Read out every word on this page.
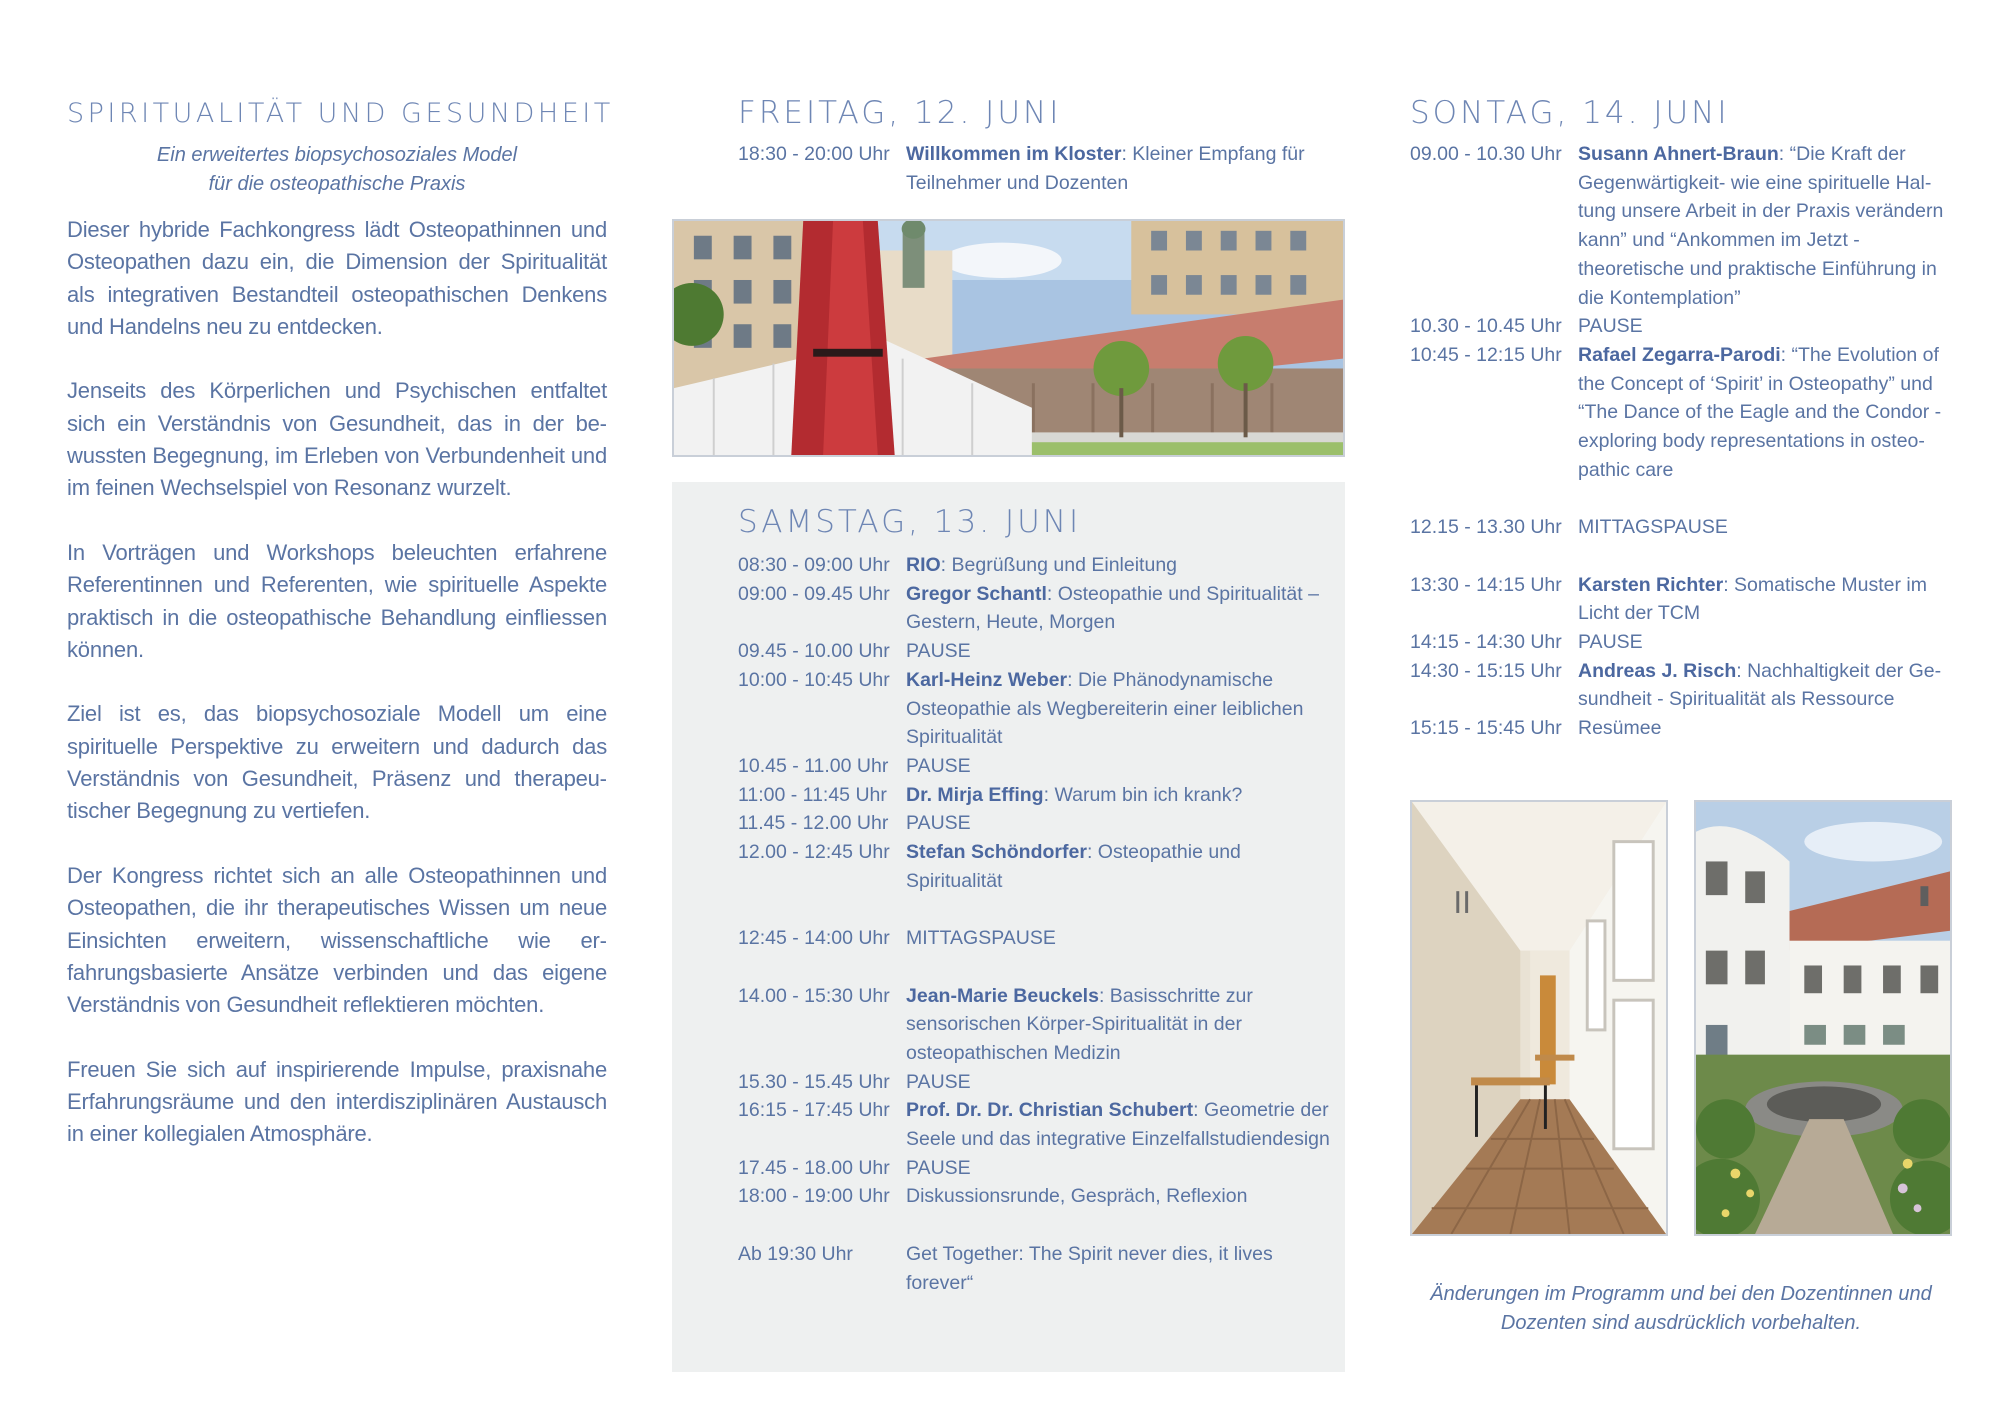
SPIRITUALITÄT UND GESUNDHEIT
Ein erweitertes biopsychosoziales Model
für die osteopathische Praxis

Dieser hybride Fachkongress lädt Osteopathinnen und Osteopathen dazu ein, die Dimension der Spiritualität als integrativen Bestandteil osteopathischen Denkens und Handelns neu zu entdecken.

Jenseits des Körperlichen und Psychischen entfaltet sich ein Verständnis von Gesundheit, das in der bewussten Begegnung, im Erleben von Verbundenheit und im feinen Wechselspiel von Resonanz wurzelt.

In Vorträgen und Workshops beleuchten erfahrene Referentinnen und Referenten, wie spirituelle Aspekte praktisch in die osteopathische Behandlung einfliessen können.

Ziel ist es, das biopsychosoziale Modell um eine spirituelle Perspektive zu erweitern und dadurch das Verständnis von Gesundheit, Präsenz und therapeutischer Begegnung zu vertiefen.

Der Kongress richtet sich an alle Osteopathinnen und Osteopathen, die ihr therapeutisches Wissen um neue Einsichten erweitern, wissenschaftliche wie erfahrungsbasierte Ansätze verbinden und das eigene Verständnis von Gesundheit reflektieren möchten.

Freuen Sie sich auf inspirierende Impulse, praxisnahe Erfahrungsräume und den interdisziplinären Austausch in einer kollegialen Atmosphäre.

FREITAG, 12. JUNI
18:30 - 20:00 Uhr Willkommen im Kloster: Kleiner Empfang für Teilnehmer und Dozenten
SAMSTAG, 13. JUNI
08:30 - 09:00 Uhr RIO: Begrüßung und Einleitung
09:00 - 09.45 Uhr Gregor Schantl: Osteopathie und Spiritualität – Gestern, Heute, Morgen
09.45 - 10.00 Uhr PAUSE
10:00 - 10:45 Uhr Karl-Heinz Weber: Die Phänodynamische Osteopathie als Wegbereiterin einer leiblichen Spiritualität
10.45 - 11.00 Uhr PAUSE
11:00 - 11:45 Uhr Dr. Mirja Effing: Warum bin ich krank?
11.45 - 12.00 Uhr PAUSE
12.00 - 12:45 Uhr Stefan Schöndorfer: Osteopathie und Spiritualität
12:45 - 14:00 Uhr MITTAGSPAUSE
14.00 - 15:30 Uhr Jean-Marie Beuckels: Basisschritte zur sensorischen Körper-Spiritualität in der osteopathischen Medizin
15.30 - 15.45 Uhr PAUSE
16:15 - 17:45 Uhr Prof. Dr. Dr. Christian Schubert: Geometrie der Seele und das integrative Einzelfallstudiendesign
17.45 - 18.00 Uhr PAUSE
18:00 - 19:00 Uhr Diskussionsrunde, Gespräch, Reflexion
Ab 19:30 Uhr	Get Together: The Spirit never dies, it lives forever“
SONTAG, 14. JUNI
09.00 - 10.30 Uhr Susann Ahnert-Braun: “Die Kraft der Gegenwärtigkeit- wie eine spirituelle Haltung unsere Arbeit in der Praxis verändern kann” und “Ankommen im Jetzt - theoretische und praktische Einführung in die Kontemplation”
10.30 - 10.45 Uhr PAUSE
10:45 - 12:15 Uhr Rafael Zegarra-Parodi: “The Evolution of the Concept of ‘Spirit’ in Osteopathy” und “The Dance of the Eagle and the Condor - exploring body representations in osteopathic care
12.15 - 13.30 Uhr MITTAGSPAUSE
13:30 - 14:15 Uhr Karsten Richter: Somatische Muster im Licht der TCM
14:15 - 14:30 Uhr PAUSE
14:30 - 15:15 Uhr Andreas J. Risch: Nachhaltigkeit der Gesundheit - Spiritualität als Ressource
15:15 - 15:45 Uhr Resümee
Änderungen im Programm und bei den Dozentinnen und
Dozenten sind ausdrücklich vorbehalten.
